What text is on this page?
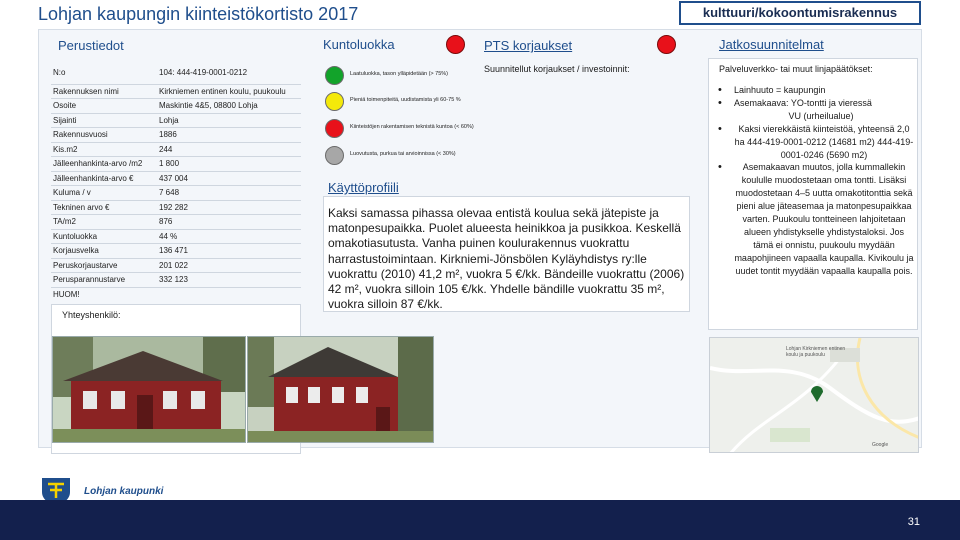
Lohjan kaupungin kiinteistökortisto 2017	kulttuuri/kokoontumisrakennus
Perustiedot	Kuntoluokka	PTS korjaukset	Jatkosuunnitelmat
N:o	104: 444-419-0001-0212
Rakennuksen nimi	Kirkniemen entinen koulu, puukoulu
Osoite	Maskintie 4&5, 08800 Lohja
Sijainti	Lohja
Rakennusvuosi	1886
Kis.m2	244
Jälleenhankinta-arvo /m2	1 800
Jälleenhankinta-arvo €	437 004
Kuluma / v	7 648
Tekninen arvo €	192 282
TA/m2	876
Kuntoluokka	44 %
Korjausvelka	136 471
Peruskorjaustarve	201 022
Perusparannustarve	332 123
HUOM!	
Yhteyshenkilö:
Laatuluokka, tason ylläpidetään (> 75%)
Pieniä toimenpiteitä, uudistamista yli 60-75 %
Kiinteistöjen rakentamisen teknistä kuntoa (< 60%)
Luovutusta, purkua tai arvioinnissa (< 30%)
Suunnitellut korjaukset / investoinnit:
Käyttöprofiili
Kaksi samassa pihassa olevaa entistä koulua sekä jätepiste ja matonpesupaikka. Puolet alueesta heinikkoa ja pusikkoa. Keskellä omakotiasutusta. Vanha puinen koulurakennus vuokrattu harrastustoimintaan. Kirkniemi-Jönsbölen Kyläyhdistys ry:lle vuokrattu (2010) 41,2 m², vuokra 5 €/kk. Bändeille vuokrattu (2006) 42 m², vuokra silloin 105 €/kk. Yhdelle bändille vuokrattu 35 m², vuokra silloin 87 €/kk.
Palveluverkko- tai muut linjapäätökset:
• Lainhuuto = kaupungin
• Asemakaava: YO-tontti ja vieressä
VU (urheilualue)
• Kaksi vierekkäistä kiinteistöä, yhteensä 2,0 ha 444-419-0001-0212 (14681 m2) 444-419-0001-0246 (5690 m2)
• Asemakaavan muutos, jolla kummallekin koululle muodostetaan oma tontti. Lisäksi muodostetaan 4–5 uutta omakotitonttia sekä pieni alue jäteasemaa ja matonpesupaikkaa varten. Puukoulu tontteineen lahjoitetaan alueen yhdistykselle yhdistystaloksi. Jos tämä ei onnistu, puukoulu myydään maapohjineen vapaalla kaupalla. Kivikoulu ja uudet tontit myydään vapaalla kaupalla pois.
Lohjan Kirkniemen entinen koulu ja puukoulu
Google
Lohjan kaupunki
31
